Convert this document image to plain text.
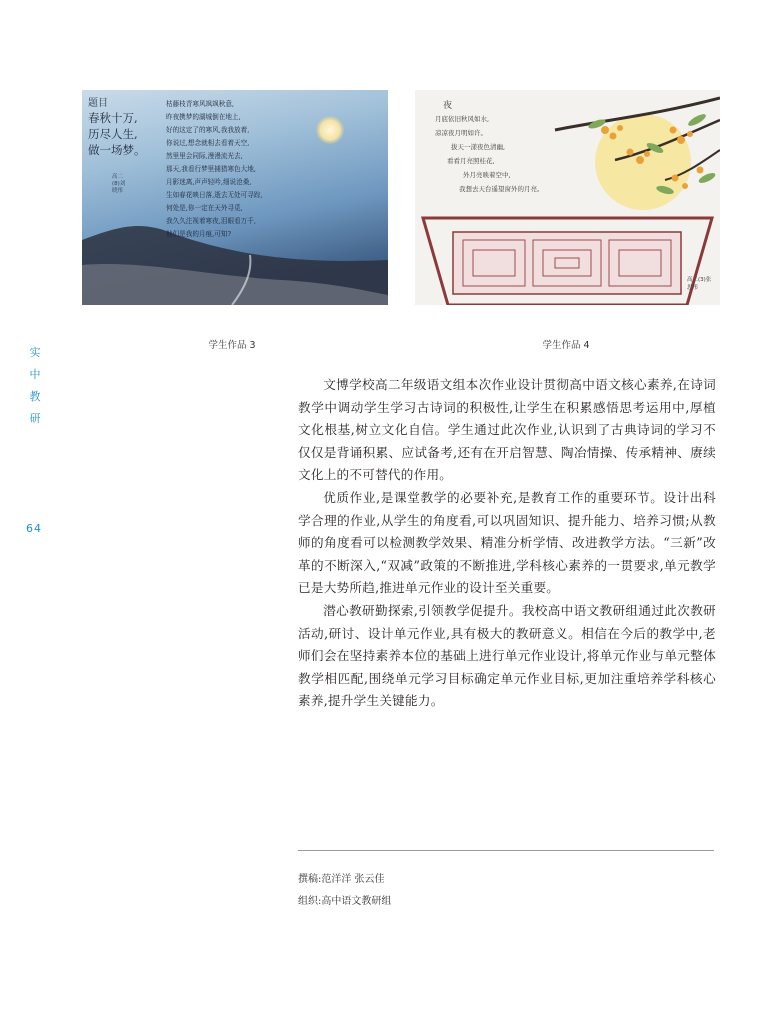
实
中
教
研
64
题目
春秋十万,
历尽人生,
做一场梦。
枯藤枝青寒风飒飒秋意,
昨夜携梦的湖城倒在地上,
好的这定了的寒风,我我放着,
你说过,想念就相去看着天空,
然里里会同际,漫漫流光去,
那天,我看行梦里捕猎寒色大地,
月影迷离,声声轻吟,细说沧桑,
生如春花映日落,逝去无处可寻踪,
何处是,你一定在天外寻觅,
我久久注视着寒夜,泪眼看万千,
他们是我的月痕,可知?
高二(8)刘晓彤
夜
月底依旧秋风如水,
凉凉夜月明如许。
拔天一漾夜色清幽,
看看月亮照桂花,
外月亮映着空中,
我想去天台遥望窗外的月亮。
高二(3)张思彤
学生作品 3	学生作品 4

文博学校高二年级语文组本次作业设计贯彻高中语文核心素养,在诗词教学中调动学生学习古诗词的积极性,让学生在积累感悟思考运用中,厚植文化根基,树立文化自信。学生通过此次作业,认识到了古典诗词的学习不仅仅是背诵积累、应试备考,还有在开启智慧、陶冶情操、传承精神、赓续文化上的不可替代的作用。

优质作业,是课堂教学的必要补充,是教育工作的重要环节。设计出科学合理的作业,从学生的角度看,可以巩固知识、提升能力、培养习惯;从教师的角度看可以检测教学效果、精准分析学情、改进教学方法。“三新”改革的不断深入,“双减”政策的不断推进,学科核心素养的一贯要求,单元教学已是大势所趋,推进单元作业的设计至关重要。

潜心教研勤探索,引领教学促提升。我校高中语文教研组通过此次教研活动,研讨、设计单元作业,具有极大的教研意义。相信在今后的教学中,老师们会在坚持素养本位的基础上进行单元作业设计,将单元作业与单元整体教学相匹配,围绕单元学习目标确定单元作业目标,更加注重培养学科核心素养,提升学生关键能力。

撰稿:范洋洋 张云佳
组织:高中语文教研组
